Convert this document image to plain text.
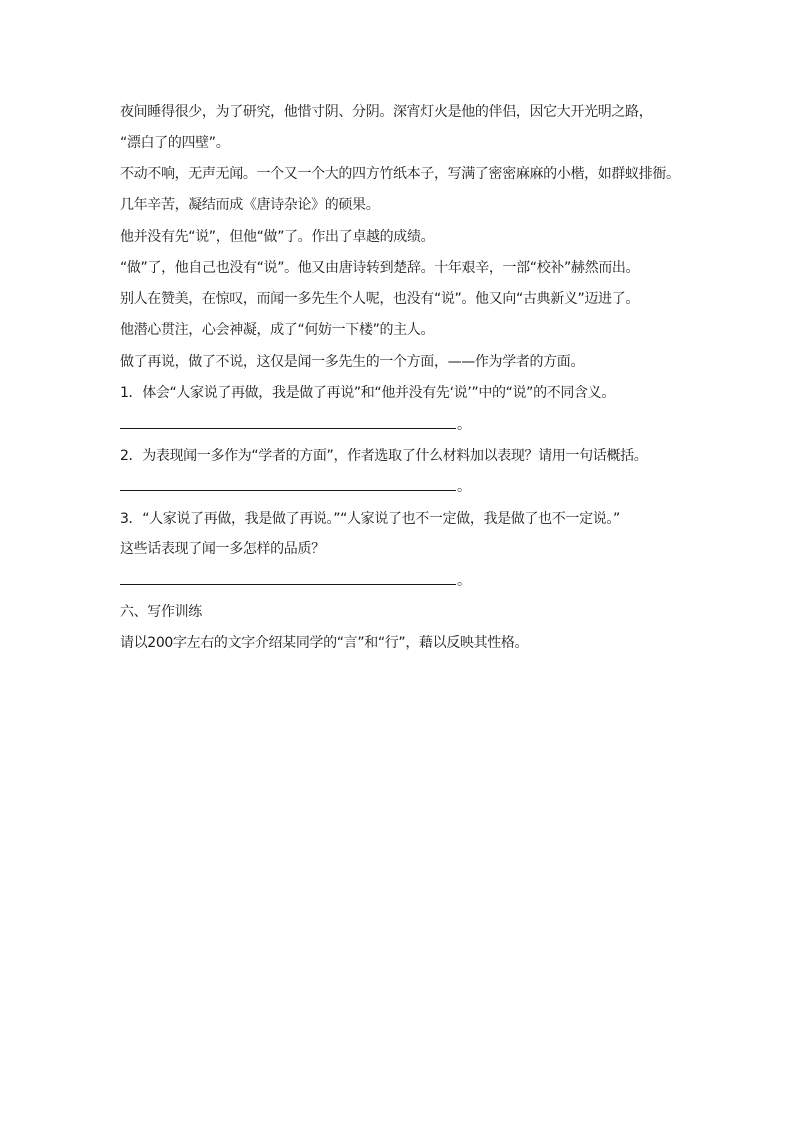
夜间睡得很少，为了研究，他惜寸阴、分阴。深宵灯火是他的伴侣，因它大开光明之路，
“漂白了的四壁”。
不动不响，无声无闻。一个又一个大的四方竹纸本子，写满了密密麻麻的小楷，如群蚁排衙。
几年辛苦，凝结而成《唐诗杂论》的硕果。
他并没有先“说”，但他“做”了。作出了卓越的成绩。
“做”了，他自己也没有“说”。他又由唐诗转到楚辞。十年艰辛，一部“校补”赫然而出。
别人在赞美，在惊叹，而闻一多先生个人呢，也没有“说”。他又向“古典新义”迈进了。
他潜心贯注，心会神凝，成了“何妨一下楼”的主人。
做了再说，做了不说，这仅是闻一多先生的一个方面，——作为学者的方面。
1．体会“人家说了再做，我是做了再说”和“他并没有先‘说’”中的“说”的不同含义。
。
2．为表现闻一多作为“学者的方面”，作者选取了什么材料加以表现？请用一句话概括。
。
3．“人家说了再做，我是做了再说。”“人家说了也不一定做，我是做了也不一定说。”
这些话表现了闻一多怎样的品质？
。
六、写作训练
请以200字左右的文字介绍某同学的“言”和“行”，藉以反映其性格。
